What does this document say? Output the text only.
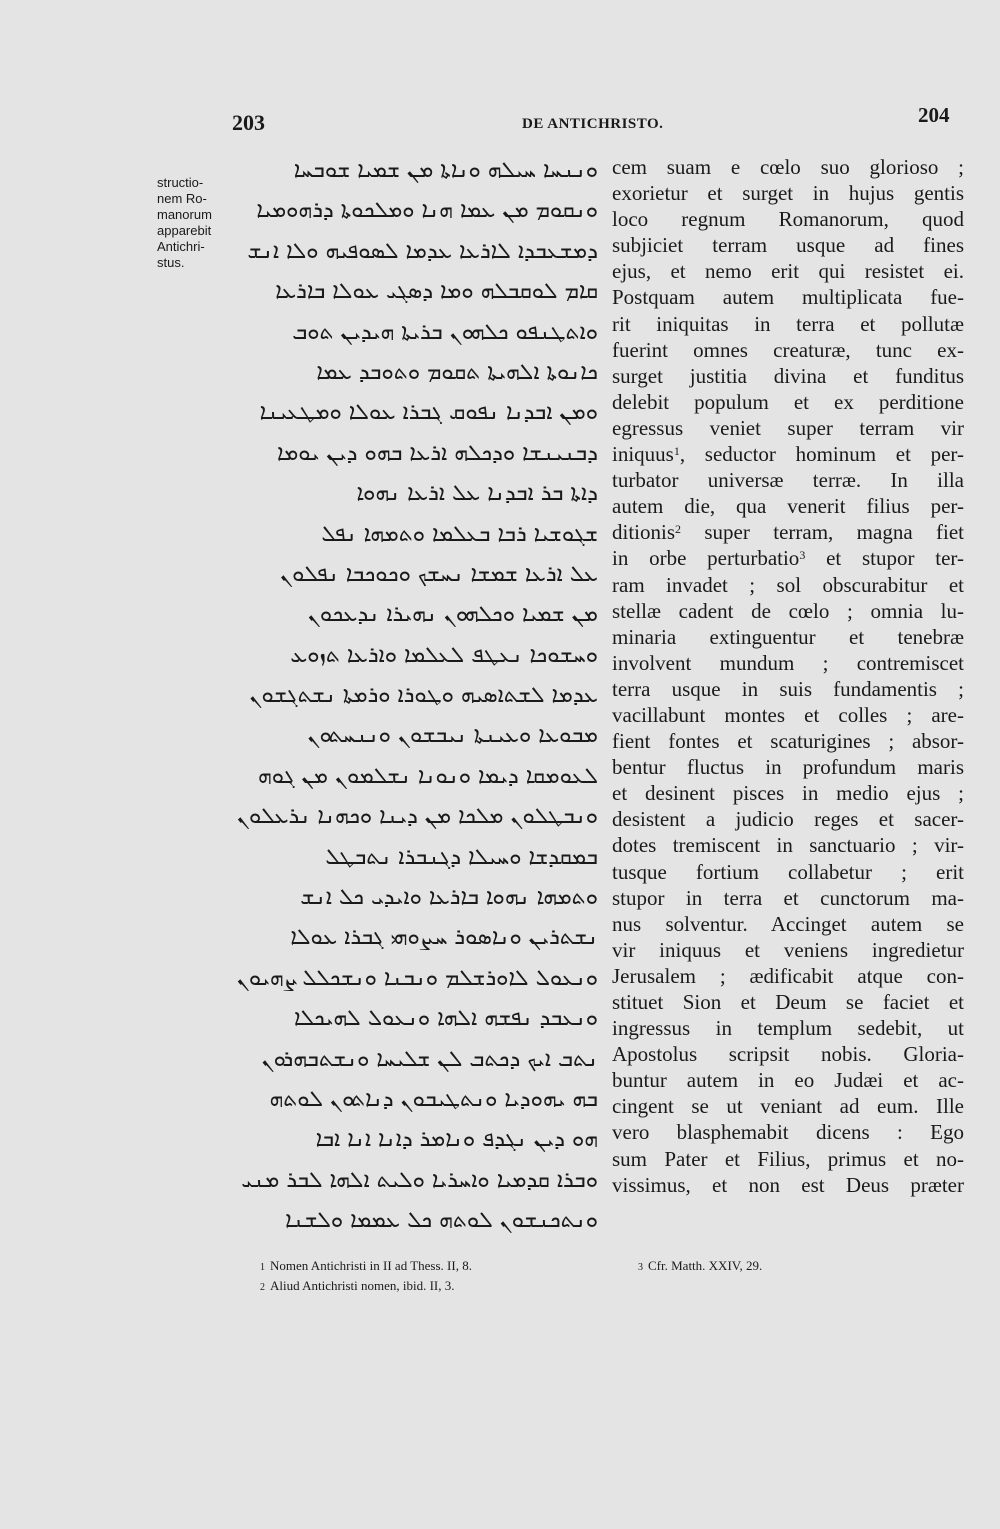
203	DE ANTICHRISTO.	204
structio-
nem Ro-
manorum
apparebit
Antichri-
stus.
ܘܢܢܚܐ ܚܝܠܗ ܘܢܐܬܐ ܡܢ ܫܡܝܐ ܫܘܒܚܐ
ܘܢܩܘܡ ܡܢ ܥܡܐ ܗܢܐ ܘܡܠܟܘܬܐ ܕܪܗܘܡܝܐ
ܕܡܫܥܒܕܐ ܠܐܪܥܐ ܥܕܡܐ ܠܣܘܦܝܗ ܘܠܐ ܐܢܫ
ܩܐܡ ܠܘܩܒܠܗ ܘܡܐ ܕܣܓܝ ܥܘܠܐ ܒܐܪܥܐ
ܘܐܬܛܢܦܘ ܟܠܗܘܢ ܒܪܝܬܐ ܗܝܕܝܢ ܬܘܒ
ܟܐܢܘܬܐ ܐܠܗܝܬܐ ܬܩܘܡ ܘܬܘܒܕ ܥܡܐ
ܘܡܢ ܐܒܕܢܐ ܢܦܘܩ ܓܒܪܐ ܥܘܠܐ ܘܡܛܥܝܢܐ
ܕܒܢܝܢܫܐ ܘܕܟܠܗ ܐܪܥܐ ܒܗܘ ܕܝܢ ܝܘܡܐ
ܕܐܬܐ ܒܪ ܐܒܕܢܐ ܥܠ ܐܪܥܐ ܢܗܘܐ
ܫܓܘܫܝܐ ܪܒܐ ܒܥܠܡܐ ܘܬܡܗܐ ܢܦܠ
ܥܠ ܐܪܥܐ ܫܡܫܐ ܢܚܫܟ ܘܟܘܟܒܐ ܢܦܠܘܢ
ܡܢ ܫܡܝܐ ܘܟܠܗܘܢ ܢܗܝܪܐ ܢܕܥܟܘܢ
ܘܚܫܘܟܐ ܢܥܛܦ ܠܥܠܡܐ ܘܐܪܥܐ ܬܙܘܥ
ܥܕܡܐ ܠܫܬܐܣܝܗ ܘܛܘܪܐ ܘܪܡܬܐ ܢܫܬܓܫܘܢ
ܡܒܘܥܐ ܘܥܝܢܬܐ ܢܝܒܫܘܢ ܘܢܢܚܬܘܢ
ܠܥܘܡܩܐ ܕܝܡܐ ܘܢܘܢܐ ܢܫܠܡܘܢ ܡܢ ܓܘܗ
ܘܢܒܛܠܘܢ ܡܠܟܐ ܡܢ ܕܝܢܐ ܘܟܗܢܐ ܢܪܥܠܘܢ
ܒܡܩܕܫܐ ܘܚܝܠܐ ܕܓܢܒܪܐ ܢܬܒܛܠ
ܘܬܡܗܐ ܢܗܘܐ ܒܐܪܥܐ ܘܐܝܕܝ ܟܠ ܐܢܫ
ܢܫܬܪܝܢ ܘܢܐܣܘܪ ܚܨܘܗܝ ܓܒܪܐ ܥܘܠܐ
ܘܢܥܘܠ ܠܐܘܪܫܠܡ ܘܢܒܢܐ ܘܢܫܟܠܠ ܨܗܝܘܢ
ܘܢܥܒܕ ܢܦܫܗ ܐܠܗܐ ܘܢܥܘܠ ܠܗܝܟܠܐ
ܢܬܒ ܐܝܟ ܕܟܬܒ ܠܢ ܫܠܝܚܐ ܘܢܫܬܒܗܪܘܢ
ܒܗ ܝܗܘܕܝܐ ܘܢܬܛܝܒܘܢ ܕܢܐܬܘܢ ܠܘܬܗ
ܗܘ ܕܝܢ ܢܓܕܦ ܘܢܐܡܪ ܕܐܢܐ ܐܢܐ ܐܒܐ
ܘܒܪܐ ܩܕܡܝܐ ܘܐܚܪܝܐ ܘܠܝܬ ܐܠܗܐ ܠܒܪ ܡܢܝ
ܘܢܬܟܢܫܘܢ ܠܘܬܗ ܟܠ ܥܡܡܐ ܘܠܫܢܐ
cem suam e cœlo suo glorioso ;
exorietur et surget in hujus gentis
loco regnum Romanorum, quod
subjiciet terram usque ad fines
ejus, et nemo erit qui resistet ei.
Postquam autem multiplicata fue-
rit iniquitas in terra et pollutæ
fuerint omnes creaturæ, tunc ex-
surget justitia divina et funditus
delebit populum et ex perditione
egressus veniet super terram vir
iniquus$^1$, seductor hominum et per-
turbator universæ terræ. In illa
autem die, qua venerit filius per-
ditionis$^2$ super terram, magna fiet
in orbe perturbatio$^3$ et stupor ter-
ram invadet ; sol obscurabitur et
stellæ cadent de cœlo ; omnia lu-
minaria extinguentur et tenebræ
involvent mundum ; contremiscet
terra usque in suis fundamentis ;
vacillabunt montes et colles ; are-
fient fontes et scaturigines ; absor-
bentur fluctus in profundum maris
et desinent pisces in medio ejus ;
desistent a judicio reges et sacer-
dotes tremiscent in sanctuario ; vir-
tusque fortium collabetur ; erit
stupor in terra et cunctorum ma-
nus solventur. Accinget autem se
vir iniquus et veniens ingredietur
Jerusalem ; ædificabit atque con-
stituet Sion et Deum se faciet et
ingressus in templum sedebit, ut
Apostolus scripsit nobis. Gloria-
buntur autem in eo Judæi et ac-
cingent se ut veniant ad eum. Ille
vero blasphemabit dicens : Ego
sum Pater et Filius, primus et no-
vissimus, et non est Deus præter
1 Nomen Antichristi in II ad Thess. II, 8.
2 Aliud Antichristi nomen, ibid. II, 3.
3 Cfr. Matth. XXIV, 29.
